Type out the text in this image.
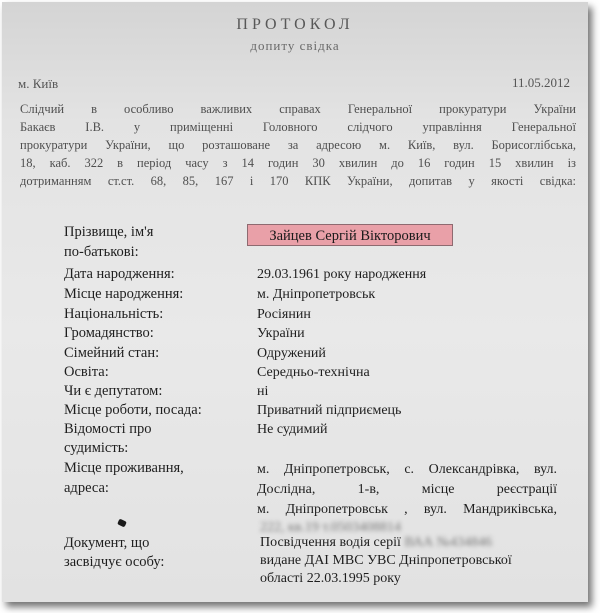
ПРОТОКОЛ
допиту свідка
м. Київ	11.05.2012
Слідчий в особливо важливих справах Генеральної прокуратури України
Бакаєв І.В. у приміщенні Головного слідчого управління Генеральної
прокуратури України, що розташоване за адресою м. Київ, вул. Борисоглібська,
18, каб. 322 в період часу з 14 годин 30 хвилин до 16 годин 15 хвилин із
дотриманням ст.ст. 68, 85, 167 і 170 КПК України, допитав у якості свідка:
Прізвище, ім'я
по-батькові:
Зайцев Сергій Вікторович
Дата народження:	29.03.1961 року народження
Місце народження:	м. Дніпропетровськ
Національність:	Росіянин
Громадянство:	України
Сімейний стан:	Одружений
Освіта:	Середньо-технічна
Чи є депутатом:	ні
Місце роботи, посада:	Приватний підприємець
Відомості про
судимість:
Не судимий
Місце проживання,
адреса:
м. Дніпропетровськ, с. Олександрівка, вул.
Дослідна, 1-в, місце реєстрації
м. Дніпропетровськ , вул. Мандриківська,
222, кв.19 т.0503408814
Документ, що
засвідчує особу:
Посвідчення водія серії ВАА №434846
видане ДАІ МВС УВС Дніпропетровської
області 22.03.1995 року
